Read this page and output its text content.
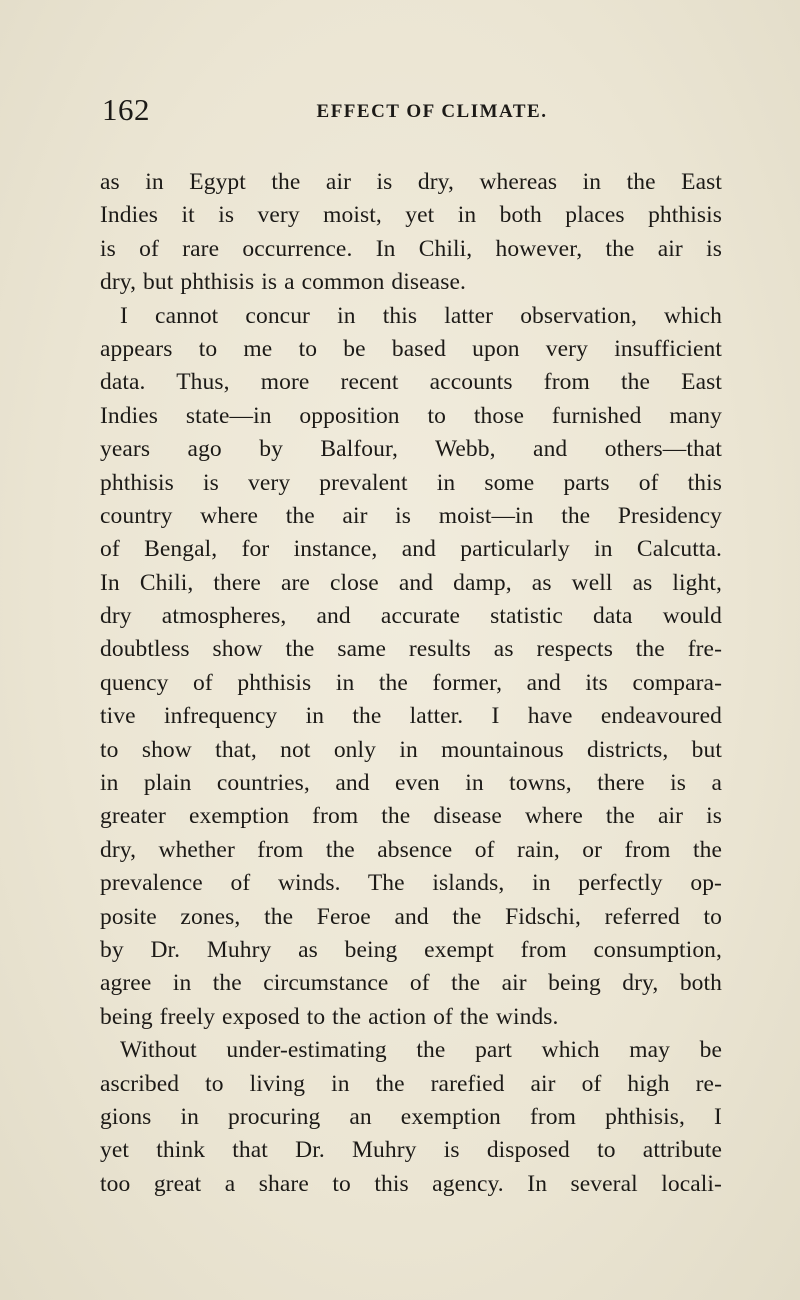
162	EFFECT OF CLIMATE.
as in Egypt the air is dry, whereas in the East
Indies it is very moist, yet in both places phthisis
is of rare occurrence. In Chili, however, the air is
dry, but phthisis is a common disease.
I cannot concur in this latter observation, which
appears to me to be based upon very insufficient
data. Thus, more recent accounts from the East
Indies state—in opposition to those furnished many
years ago by Balfour, Webb, and others—that
phthisis is very prevalent in some parts of this
country where the air is moist—in the Presidency
of Bengal, for instance, and particularly in Calcutta.
In Chili, there are close and damp, as well as light,
dry atmospheres, and accurate statistic data would
doubtless show the same results as respects the fre-
quency of phthisis in the former, and its compara-
tive infrequency in the latter. I have endeavoured
to show that, not only in mountainous districts, but
in plain countries, and even in towns, there is a
greater exemption from the disease where the air is
dry, whether from the absence of rain, or from the
prevalence of winds. The islands, in perfectly op-
posite zones, the Feroe and the Fidschi, referred to
by Dr. Muhry as being exempt from consumption,
agree in the circumstance of the air being dry, both
being freely exposed to the action of the winds.
Without under-estimating the part which may be
ascribed to living in the rarefied air of high re-
gions in procuring an exemption from phthisis, I
yet think that Dr. Muhry is disposed to attribute
too great a share to this agency. In several locali-
